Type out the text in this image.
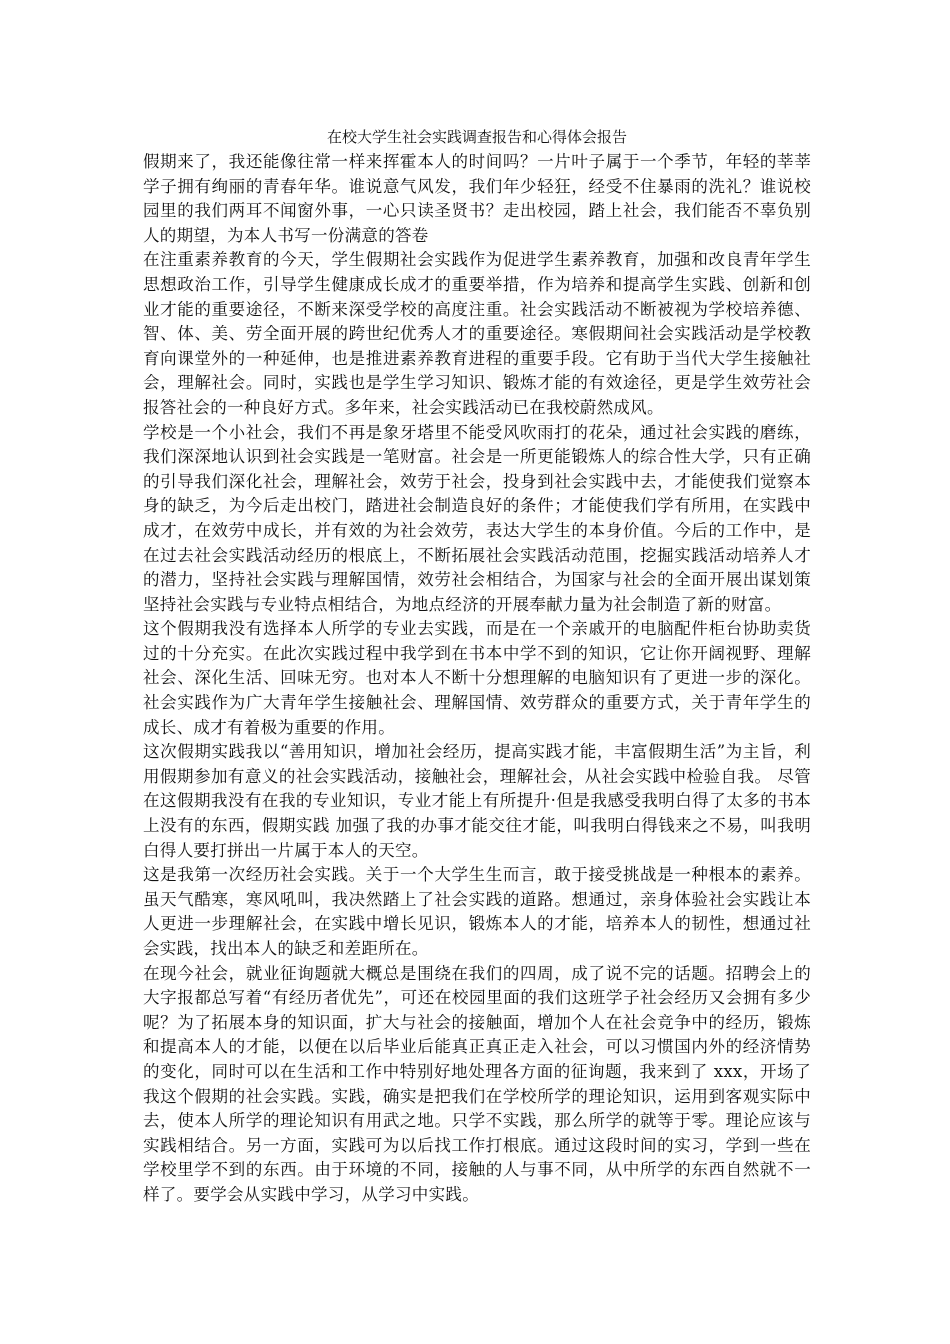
在校大学生社会实践调查报告和心得体会报告

假期来了，我还能像往常一样来挥霍本人的时间吗？一片叶子属于一个季节，年轻的莘莘学子拥有绚丽的青春年华。谁说意气风发，我们年少轻狂，经受不住暴雨的洗礼？谁说校园里的我们两耳不闻窗外事，一心只读圣贤书？走出校园，踏上社会，我们能否不辜负别人的期望，为本人书写一份满意的答卷

在注重素养教育的今天，学生假期社会实践作为促进学生素养教育，加强和改良青年学生思想政治工作，引导学生健康成长成才的重要举措，作为培养和提高学生实践、创新和创业才能的重要途径，不断来深受学校的高度注重。社会实践活动不断被视为学校培养德、智、体、美、劳全面开展的跨世纪优秀人才的重要途径。寒假期间社会实践活动是学校教育向课堂外的一种延伸，也是推进素养教育进程的重要手段。它有助于当代大学生接触社会，理解社会。同时，实践也是学生学习知识、锻炼才能的有效途径，更是学生效劳社会报答社会的一种良好方式。多年来，社会实践活动已在我校蔚然成风。

学校是一个小社会，我们不再是象牙塔里不能受风吹雨打的花朵，通过社会实践的磨练，我们深深地认识到社会实践是一笔财富。社会是一所更能锻炼人的综合性大学，只有正确的引导我们深化社会，理解社会，效劳于社会，投身到社会实践中去，才能使我们觉察本身的缺乏，为今后走出校门，踏进社会制造良好的条件；才能使我们学有所用，在实践中成才，在效劳中成长，并有效的为社会效劳，表达大学生的本身价值。今后的工作中，是在过去社会实践活动经历的根底上，不断拓展社会实践活动范围，挖掘实践活动培养人才的潜力，坚持社会实践与理解国情，效劳社会相结合，为国家与社会的全面开展出谋划策坚持社会实践与专业特点相结合，为地点经济的开展奉献力量为社会制造了新的财富。

这个假期我没有选择本人所学的专业去实践，而是在一个亲戚开的电脑配件柜台协助卖货过的十分充实。在此次实践过程中我学到在书本中学不到的知识，它让你开阔视野、理解社会、深化生活、回味无穷。也对本人不断十分想理解的电脑知识有了更进一步的深化。社会实践作为广大青年学生接触社会、理解国情、效劳群众的重要方式，关于青年学生的成长、成才有着极为重要的作用。

这次假期实践我以“善用知识，增加社会经历，提高实践才能，丰富假期生活”为主旨，利用假期参加有意义的社会实践活动，接触社会，理解社会，从社会实践中检验自我。 尽管在这假期我没有在我的专业知识，专业才能上有所提升·但是我感受我明白得了太多的书本上没有的东西，假期实践 加强了我的办事才能交往才能，叫我明白得钱来之不易，叫我明白得人要打拼出一片属于本人的天空。

这是我第一次经历社会实践。关于一个大学生生而言，敢于接受挑战是一种根本的素养。虽天气酷寒，寒风吼叫，我决然踏上了社会实践的道路。想通过，亲身体验社会实践让本人更进一步理解社会，在实践中增长见识，锻炼本人的才能，培养本人的韧性，想通过社会实践，找出本人的缺乏和差距所在。

在现今社会，就业征询题就大概总是围绕在我们的四周，成了说不完的话题。招聘会上的大字报都总写着“有经历者优先”，可还在校园里面的我们这班学子社会经历又会拥有多少呢？为了拓展本身的知识面，扩大与社会的接触面，增加个人在社会竞争中的经历，锻炼和提高本人的才能，以便在以后毕业后能真正真正走入社会，可以习惯国内外的经济情势的变化，同时可以在生活和工作中特别好地处理各方面的征询题，我来到了 xxx，开场了我这个假期的社会实践。实践，确实是把我们在学校所学的理论知识，运用到客观实际中去，使本人所学的理论知识有用武之地。只学不实践，那么所学的就等于零。理论应该与实践相结合。另一方面，实践可为以后找工作打根底。通过这段时间的实习，学到一些在学校里学不到的东西。由于环境的不同，接触的人与事不同，从中所学的东西自然就不一样了。要学会从实践中学习，从学习中实践。
